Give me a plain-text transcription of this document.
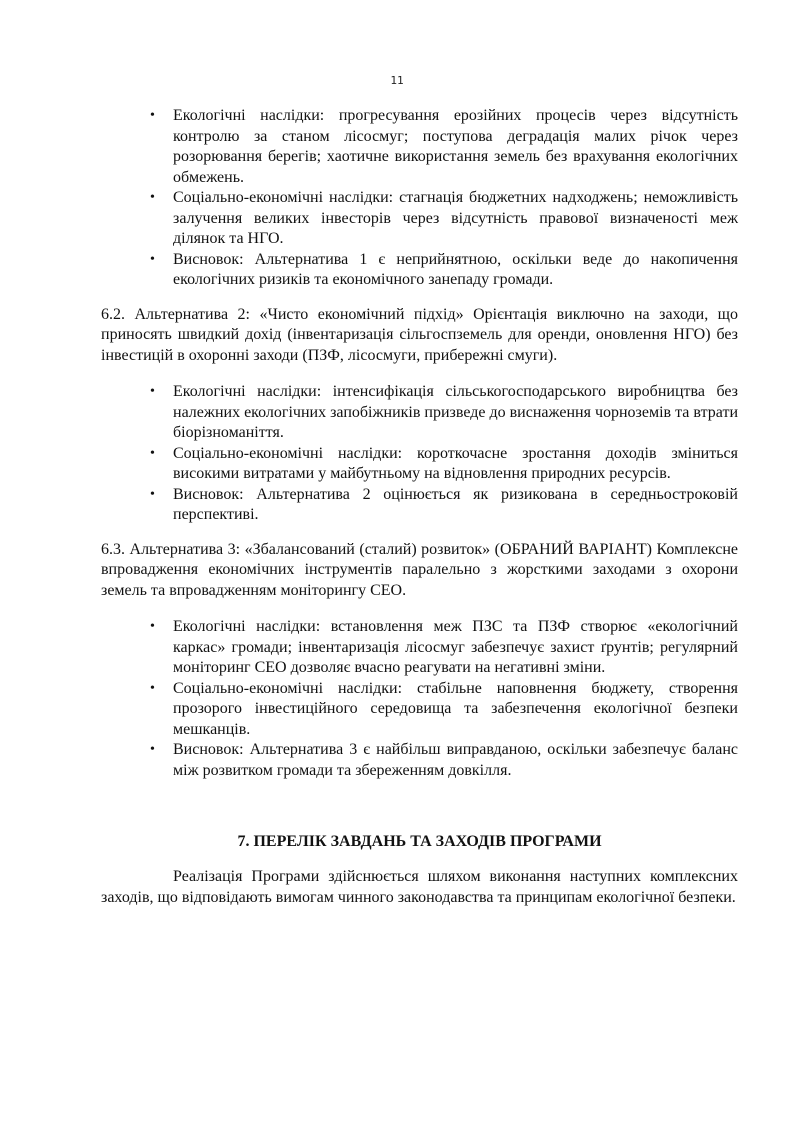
11
• Екологічні наслідки: прогресування ерозійних процесів через відсутність контролю за станом лісосмуг; поступова деградація малих річок через розорювання берегів; хаотичне використання земель без врахування екологічних обмежень.
• Соціально-економічні наслідки: стагнація бюджетних надходжень; неможливість залучення великих інвесторів через відсутність правової визначеності меж ділянок та НГО.
• Висновок: Альтернатива 1 є неприйнятною, оскільки веде до накопичення екологічних ризиків та економічного занепаду громади.

6.2. Альтернатива 2: «Чисто економічний підхід» Орієнтація виключно на заходи, що приносять швидкий дохід (інвентаризація сільгоспземель для оренди, оновлення НГО) без інвестицій в охоронні заходи (ПЗФ, лісосмуги, прибережні смуги).

• Екологічні наслідки: інтенсифікація сільськогосподарського виробництва без належних екологічних запобіжників призведе до виснаження чорноземів та втрати біорізноманіття.
• Соціально-економічні наслідки: короткочасне зростання доходів зміниться високими витратами у майбутньому на відновлення природних ресурсів.
• Висновок: Альтернатива 2 оцінюється як ризикована в середньостроковій перспективі.

6.3. Альтернатива 3: «Збалансований (сталий) розвиток» (ОБРАНИЙ ВАРІАНТ) Комплексне впровадження економічних інструментів паралельно з жорсткими заходами з охорони земель та впровадженням моніторингу СЕО.

• Екологічні наслідки: встановлення меж ПЗС та ПЗФ створює «екологічний каркас» громади; інвентаризація лісосмуг забезпечує захист ґрунтів; регулярний моніторинг СЕО дозволяє вчасно реагувати на негативні зміни.
• Соціально-економічні наслідки: стабільне наповнення бюджету, створення прозорого інвестиційного середовища та забезпечення екологічної безпеки мешканців.
• Висновок: Альтернатива 3 є найбільш виправданою, оскільки забезпечує баланс між розвитком громади та збереженням довкілля.
7. ПЕРЕЛІК ЗАВДАНЬ ТА ЗАХОДІВ ПРОГРАМИ

Реалізація Програми здійснюється шляхом виконання наступних комплексних заходів, що відповідають вимогам чинного законодавства та принципам екологічної безпеки.
